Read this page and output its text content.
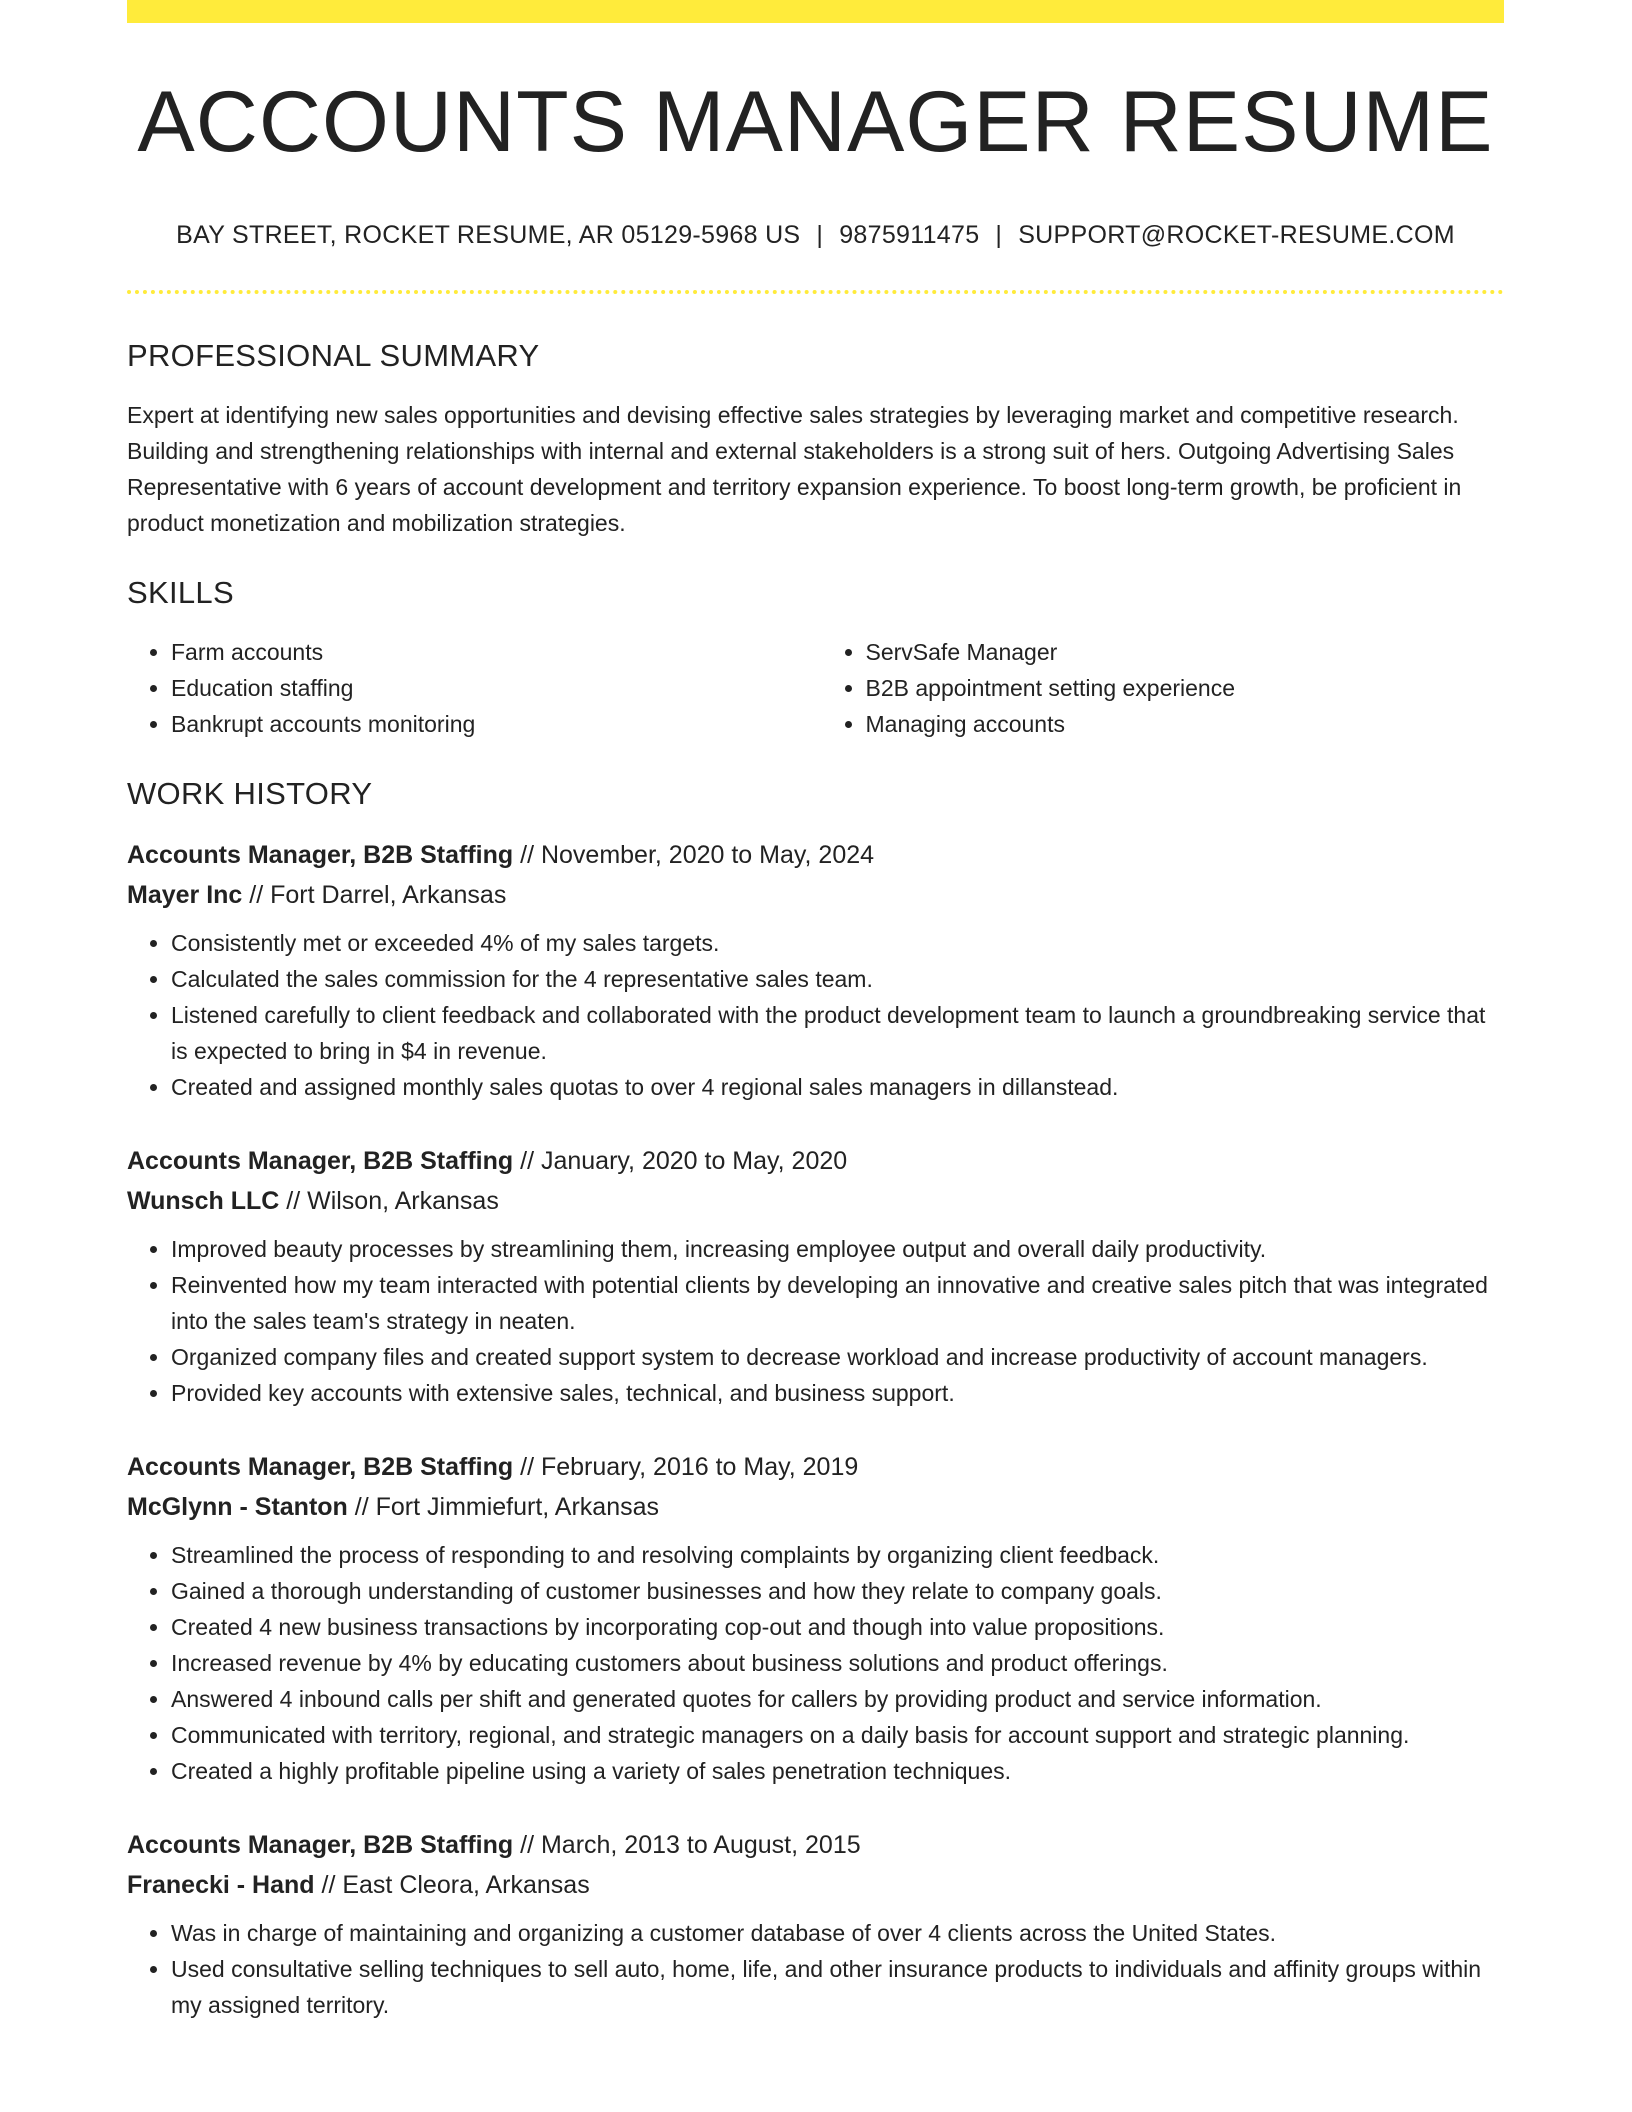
ACCOUNTS MANAGER RESUME
BAY STREET, ROCKET RESUME, AR 05129-5968 US | 9875911475 | SUPPORT@ROCKET-RESUME.COM
PROFESSIONAL SUMMARY

Expert at identifying new sales opportunities and devising effective sales strategies by leveraging market and competitive research. Building and strengthening relationships with internal and external stakeholders is a strong suit of hers. Outgoing Advertising Sales Representative with 6 years of account development and territory expansion experience. To boost long-term growth, be proficient in product monetization and mobilization strategies.

SKILLS
• Farm accounts
• Education staffing
• Bankrupt accounts monitoring
• ServSafe Manager
• B2B appointment setting experience
• Managing accounts
WORK HISTORY
Accounts Manager, B2B Staffing // November, 2020 to May, 2024
Mayer Inc // Fort Darrel, Arkansas
• Consistently met or exceeded 4% of my sales targets.
• Calculated the sales commission for the 4 representative sales team.
• Listened carefully to client feedback and collaborated with the product development team to launch a groundbreaking service that is expected to bring in $4 in revenue.
• Created and assigned monthly sales quotas to over 4 regional sales managers in dillanstead.
Accounts Manager, B2B Staffing // January, 2020 to May, 2020
Wunsch LLC // Wilson, Arkansas
• Improved beauty processes by streamlining them, increasing employee output and overall daily productivity.
• Reinvented how my team interacted with potential clients by developing an innovative and creative sales pitch that was integrated into the sales team's strategy in neaten.
• Organized company files and created support system to decrease workload and increase productivity of account managers.
• Provided key accounts with extensive sales, technical, and business support.
Accounts Manager, B2B Staffing // February, 2016 to May, 2019
McGlynn - Stanton // Fort Jimmiefurt, Arkansas
• Streamlined the process of responding to and resolving complaints by organizing client feedback.
• Gained a thorough understanding of customer businesses and how they relate to company goals.
• Created 4 new business transactions by incorporating cop-out and though into value propositions.
• Increased revenue by 4% by educating customers about business solutions and product offerings.
• Answered 4 inbound calls per shift and generated quotes for callers by providing product and service information.
• Communicated with territory, regional, and strategic managers on a daily basis for account support and strategic planning.
• Created a highly profitable pipeline using a variety of sales penetration techniques.
Accounts Manager, B2B Staffing // March, 2013 to August, 2015
Franecki - Hand // East Cleora, Arkansas
• Was in charge of maintaining and organizing a customer database of over 4 clients across the United States.
• Used consultative selling techniques to sell auto, home, life, and other insurance products to individuals and affinity groups within my assigned territory.
